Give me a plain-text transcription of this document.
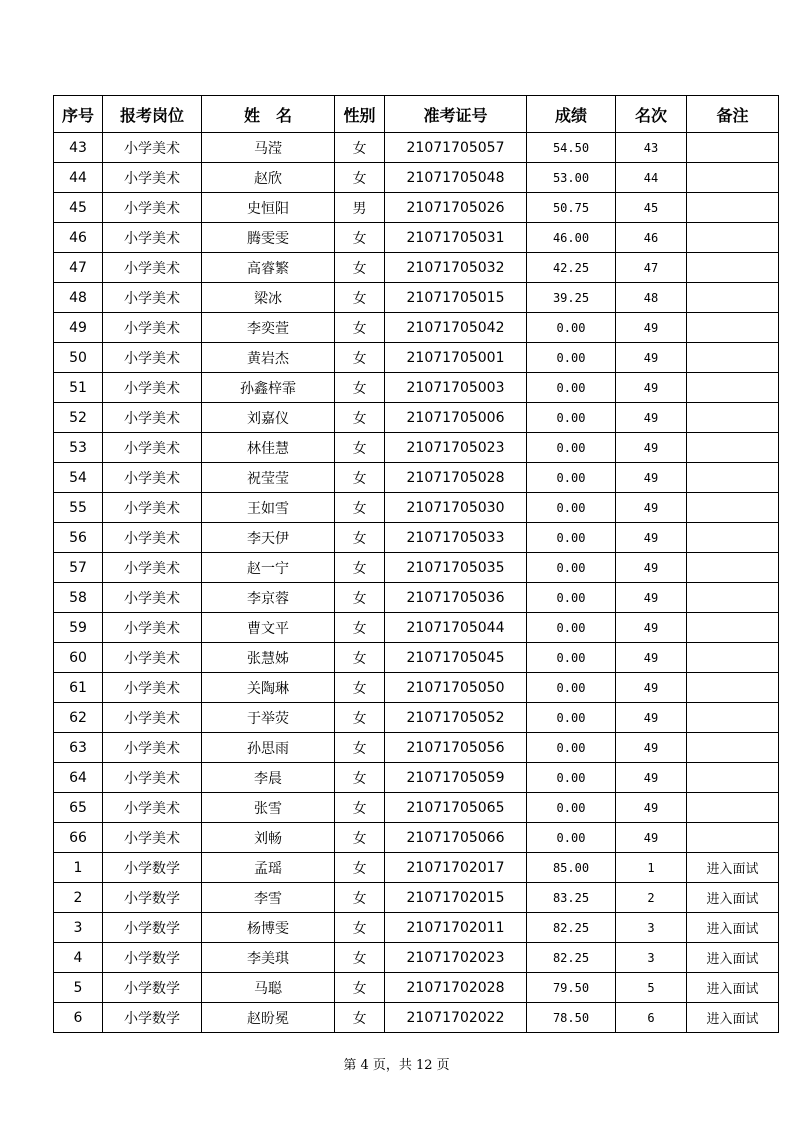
序号	报考岗位	姓　名	性别	准考证号	成绩	名次	备注
43	小学美术	马滢	女	21071705057	54.50	43	
44	小学美术	赵欣	女	21071705048	53.00	44	
45	小学美术	史恒阳	男	21071705026	50.75	45	
46	小学美术	腾雯雯	女	21071705031	46.00	46	
47	小学美术	高睿繁	女	21071705032	42.25	47	
48	小学美术	梁冰	女	21071705015	39.25	48	
49	小学美术	李奕萱	女	21071705042	0.00	49	
50	小学美术	黄岩杰	女	21071705001	0.00	49	
51	小学美术	孙鑫梓霏	女	21071705003	0.00	49	
52	小学美术	刘嘉仪	女	21071705006	0.00	49	
53	小学美术	林佳慧	女	21071705023	0.00	49	
54	小学美术	祝莹莹	女	21071705028	0.00	49	
55	小学美术	王如雪	女	21071705030	0.00	49	
56	小学美术	李天伊	女	21071705033	0.00	49	
57	小学美术	赵一宁	女	21071705035	0.00	49	
58	小学美术	李京蓉	女	21071705036	0.00	49	
59	小学美术	曹文平	女	21071705044	0.00	49	
60	小学美术	张慧姊	女	21071705045	0.00	49	
61	小学美术	关陶琳	女	21071705050	0.00	49	
62	小学美术	于举荧	女	21071705052	0.00	49	
63	小学美术	孙思雨	女	21071705056	0.00	49	
64	小学美术	李晨	女	21071705059	0.00	49	
65	小学美术	张雪	女	21071705065	0.00	49	
66	小学美术	刘畅	女	21071705066	0.00	49	
1	小学数学	孟瑶	女	21071702017	85.00	1	进入面试
2	小学数学	李雪	女	21071702015	83.25	2	进入面试
3	小学数学	杨博雯	女	21071702011	82.25	3	进入面试
4	小学数学	李美琪	女	21071702023	82.25	3	进入面试
5	小学数学	马聪	女	21071702028	79.50	5	进入面试
6	小学数学	赵昐冕	女	21071702022	78.50	6	进入面试
第 4 页，共 12 页
